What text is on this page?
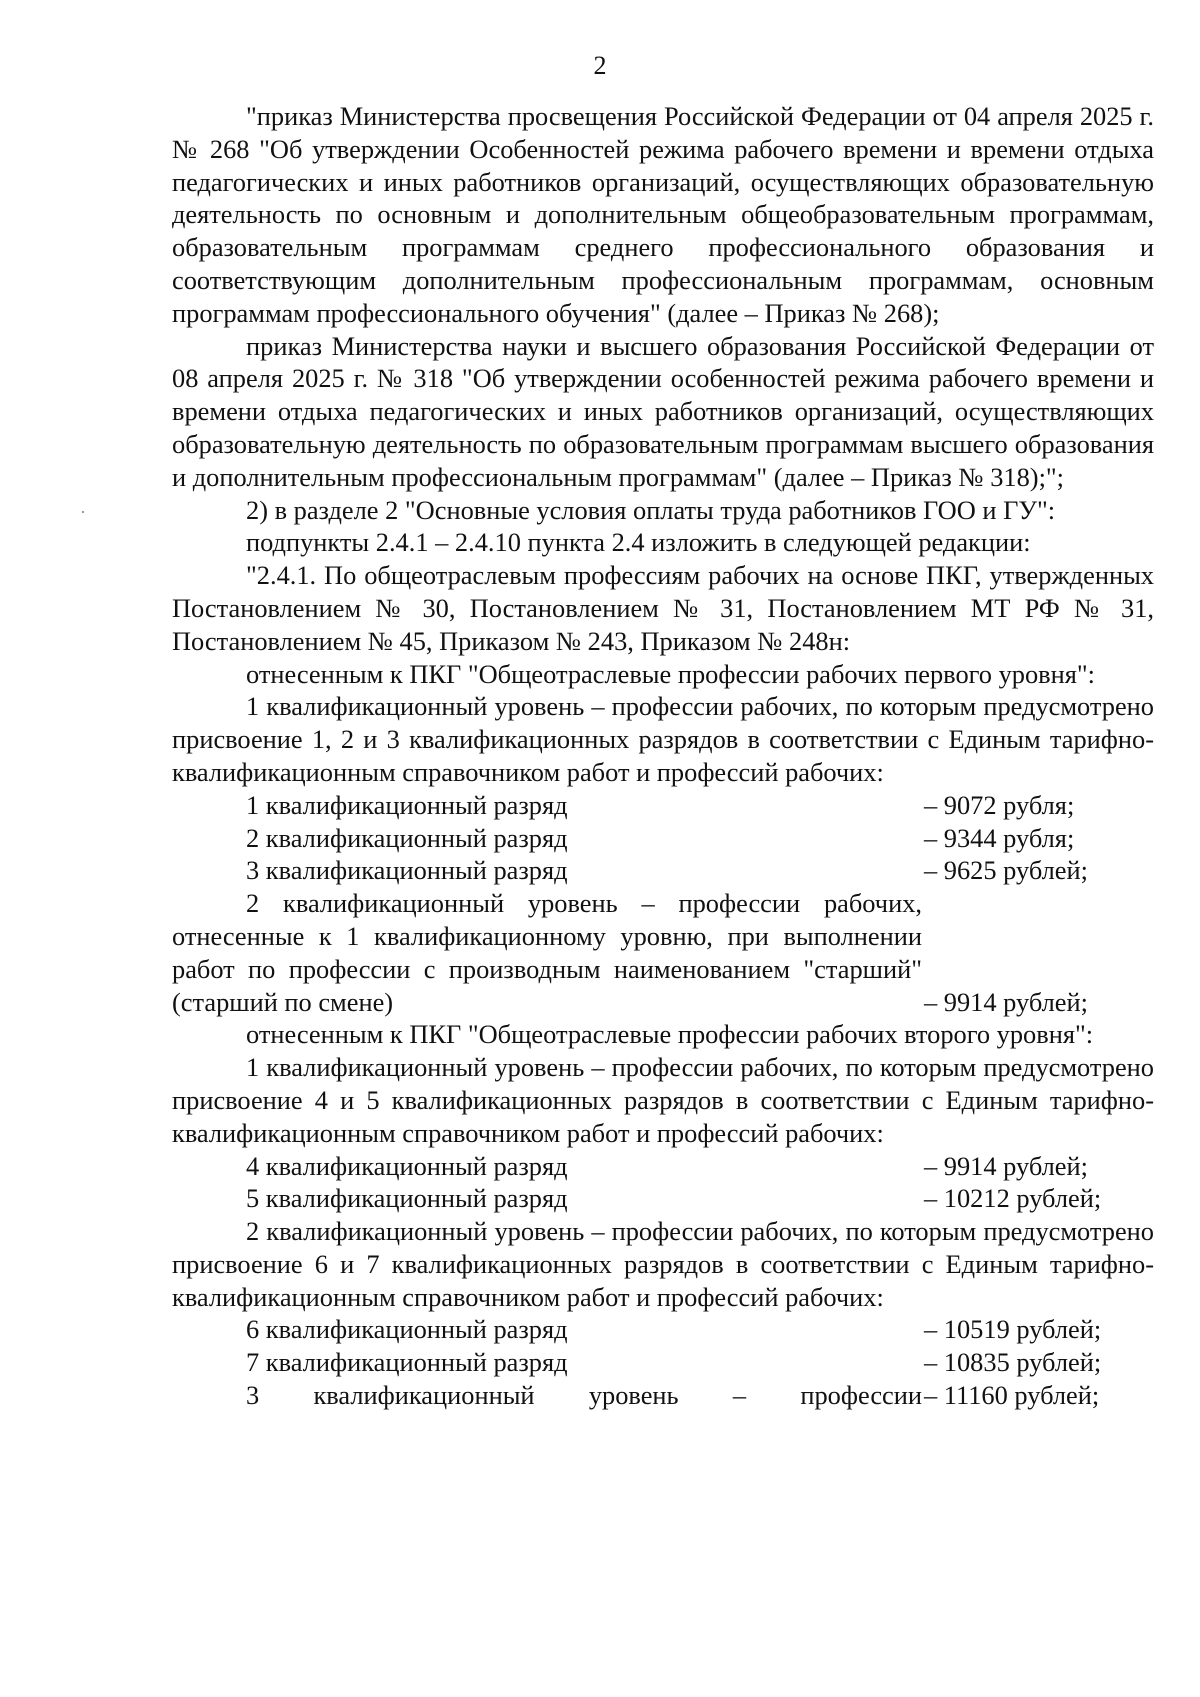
2

"приказ Министерства просвещения Российской Федерации от 04 апреля 2025 г. № 268 "Об утверждении Особенностей режима рабочего времени и времени отдыха педагогических и иных работников организаций, осуществляющих образовательную деятельность по основным и дополнительным общеобразовательным программам, образовательным программам среднего профессионального образования и соответствующим дополнительным профессиональным программам, основным программам профессионального обучения" (далее – Приказ № 268);

приказ Министерства науки и высшего образования Российской Федерации от 08 апреля 2025 г. № 318 "Об утверждении особенностей режима рабочего времени и времени отдыха педагогических и иных работников организаций, осуществляющих образовательную деятельность по образовательным программам высшего образования и дополнительным профессиональным программам" (далее – Приказ № 318);";

2) в разделе 2 "Основные условия оплаты труда работников ГОО и ГУ":

подпункты 2.4.1 – 2.4.10 пункта 2.4 изложить в следующей редакции:

"2.4.1. По общеотраслевым профессиям рабочих на основе ПКГ, утвержденных Постановлением № 30, Постановлением № 31, Постановлением МТ РФ № 31, Постановлением № 45, Приказом № 243, Приказом № 248н:

отнесенным к ПКГ "Общеотраслевые профессии рабочих первого уровня":

1 квалификационный уровень – профессии рабочих, по которым предусмотрено присвоение 1, 2 и 3 квалификационных разрядов в соответствии с Единым тарифно-квалификационным справочником работ и профессий рабочих:

1 квалификационный разряд	– 9072 рубля;
2 квалификационный разряд	– 9344 рубля;
3 квалификационный разряд	– 9625 рублей;
2 квалификационный уровень – профессии рабочих, отнесенные к 1 квалификационному уровню, при выполнении работ по профессии с производным наименованием "старший" (старший по смене)	– 9914 рублей;

отнесенным к ПКГ "Общеотраслевые профессии рабочих второго уровня":

1 квалификационный уровень – профессии рабочих, по которым предусмотрено присвоение 4 и 5 квалификационных разрядов в соответствии с Единым тарифно-квалификационным справочником работ и профессий рабочих:

4 квалификационный разряд	– 9914 рублей;
5 квалификационный разряд	– 10212 рублей;

2 квалификационный уровень – профессии рабочих, по которым предусмотрено присвоение 6 и 7 квалификационных разрядов в соответствии с Единым тарифно-квалификационным справочником работ и профессий рабочих:

6 квалификационный разряд	– 10519 рублей;
7 квалификационный разряд	– 10835 рублей;
3 квалификационный уровень – профессии – 11160 рублей;
